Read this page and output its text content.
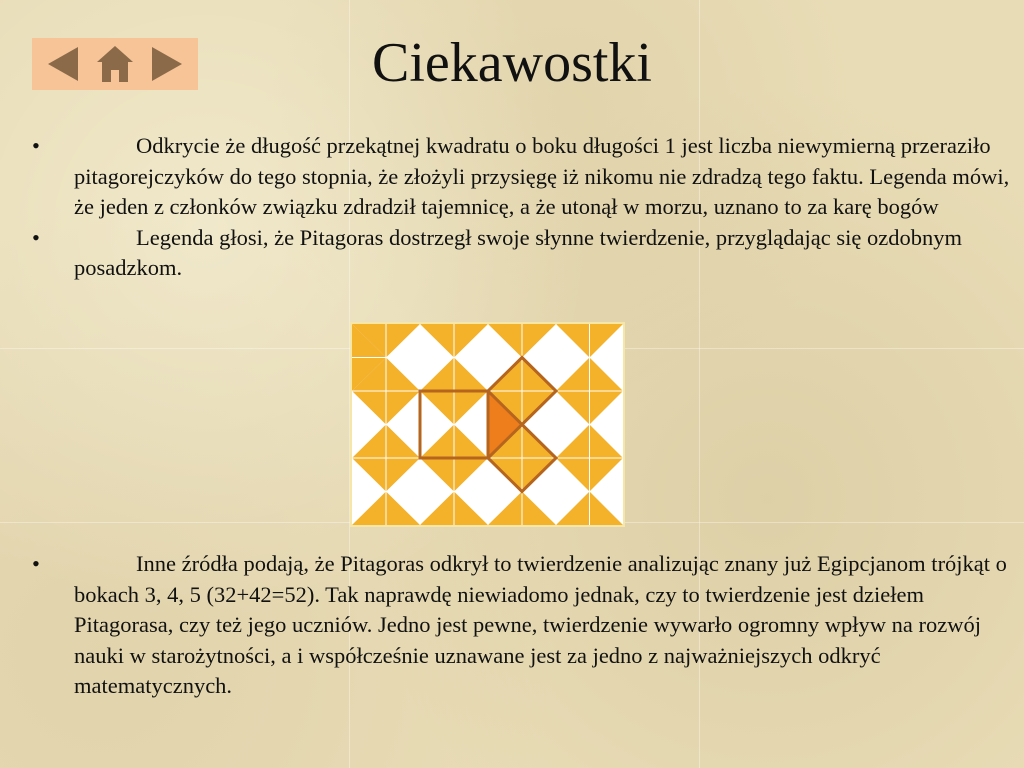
Ciekawostki
•	Odkrycie że długość przekątnej kwadratu o boku długości 1 jest liczba niewymierną przeraziło pitagorejczyków do tego stopnia, że złożyli przysięgę iż nikomu nie zdradzą tego faktu. Legenda mówi, że jeden z członków związku zdradził tajemnicę, a że utonął w morzu, uznano to za karę bogów
•	Legenda głosi, że Pitagoras dostrzegł swoje słynne twierdzenie, przyglądając się ozdobnym posadzkom.
•	Inne źródła podają, że Pitagoras odkrył to twierdzenie analizując znany już Egipcjanom trójkąt o bokach 3, 4, 5 (32+42=52). Tak naprawdę niewiadomo jednak, czy to twierdzenie jest dziełem Pitagorasa, czy też jego uczniów. Jedno jest pewne, twierdzenie wywarło ogromny wpływ na rozwój nauki w starożytności, a i współcześnie uznawane jest za jedno z najważniejszych odkryć matematycznych.
